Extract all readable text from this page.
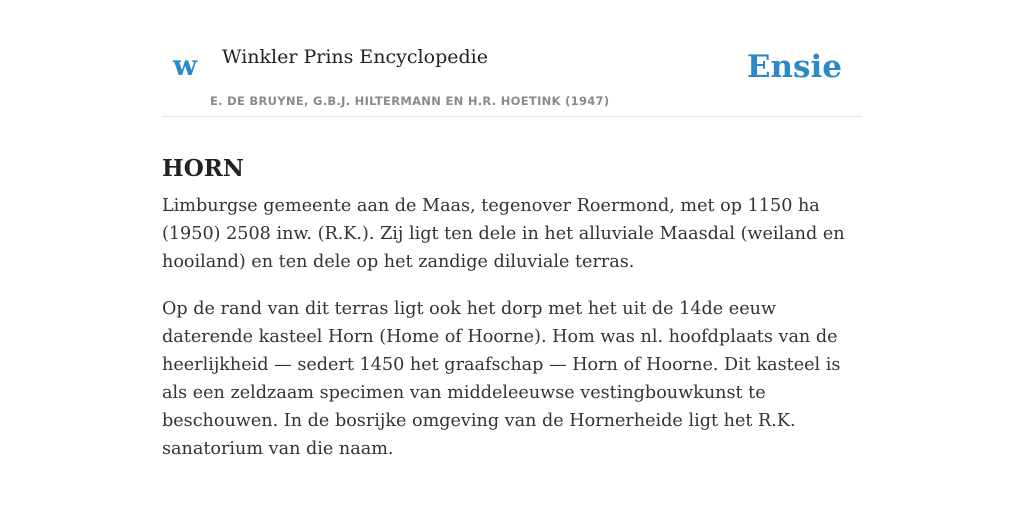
w Winkler Prins Encyclopedie
E. DE BRUYNE, G.B.J. HILTERMANN EN H.R. HOETINK (1947)
Ensie
HORN

Limburgse gemeente aan de Maas, tegenover Roermond, met op 1150 ha (1950) 2508 inw. (R.K.). Zij ligt ten dele in het alluviale Maasdal (weiland en hooiland) en ten dele op het zandige diluviale terras.

Op de rand van dit terras ligt ook het dorp met het uit de 14de eeuw daterende kasteel Horn (Home of Hoorne). Hom was nl. hoofdplaats van de heerlijkheid — sedert 1450 het graafschap — Horn of Hoorne. Dit kasteel is als een zeldzaam specimen van middeleeuwse vestingbouwkunst te beschouwen. In de bosrijke omgeving van de Hornerheide ligt het R.K. sanatorium van die naam.
